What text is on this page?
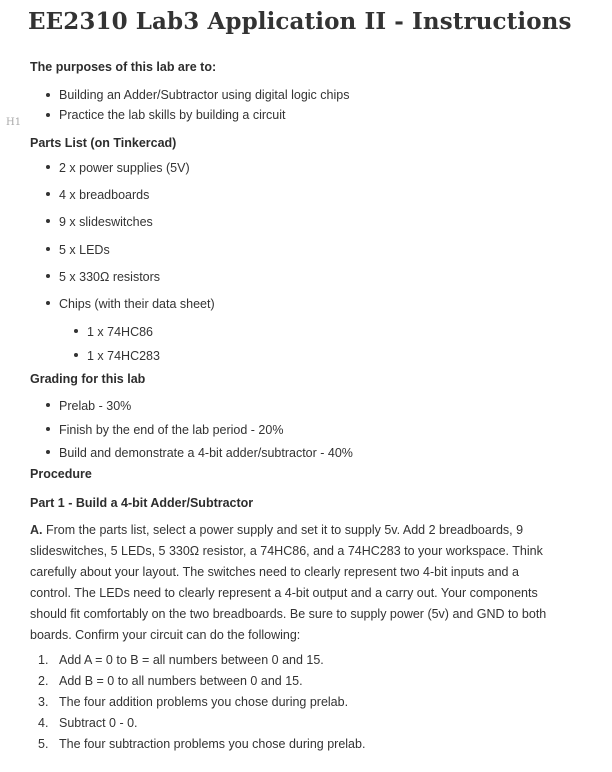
EE2310 Lab3 Application II - Instructions
H1

The purposes of this lab are to:

Building an Adder/Subtractor using digital logic chips
Practice the lab skills by building a circuit

Parts List (on Tinkercad)

2 x power supplies (5V)
4 x breadboards
9 x slideswitches
5 x LEDs
5 x 330Ω resistors
Chips (with their data sheet)
1 x 74HC86
1 x 74HC283

Grading for this lab

Prelab - 30%
Finish by the end of the lab period - 20%
Build and demonstrate a 4-bit adder/subtractor - 40%

Procedure

Part 1 - Build a 4-bit Adder/Subtractor

A. From the parts list, select a power supply and set it to supply 5v. Add 2 breadboards, 9
slideswitches, 5 LEDs, 5 330Ω resistor, a 74HC86, and a 74HC283 to your workspace. Think
carefully about your layout. The switches need to clearly represent two 4-bit inputs and a
control. The LEDs need to clearly represent a 4-bit output and a carry out. Your components
should fit comfortably on the two breadboards. Be sure to supply power (5v) and GND to both
boards. Confirm your circuit can do the following:
1. Add A = 0 to B = all numbers between 0 and 15.
2. Add B = 0 to all numbers between 0 and 15.
3. The four addition problems you chose during prelab.
4. Subtract 0 - 0.
5. The four subtraction problems you chose during prelab.
